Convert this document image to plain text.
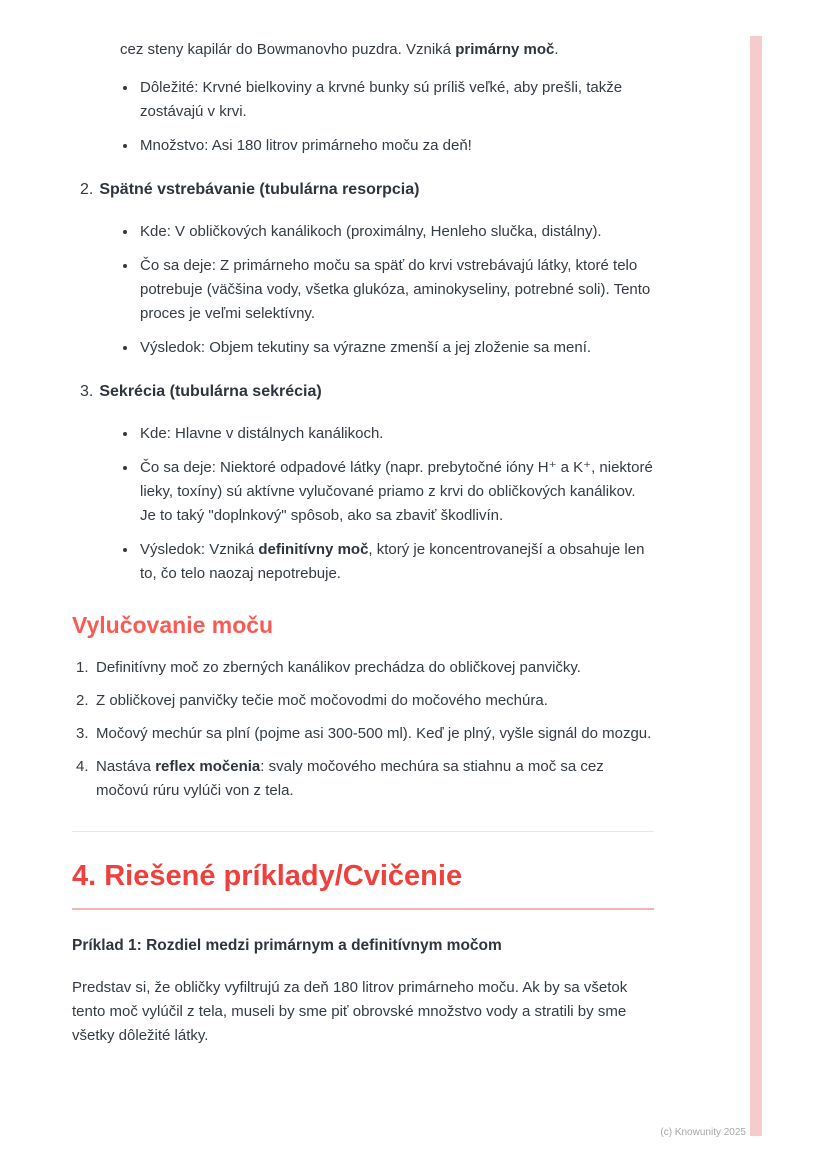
cez steny kapilár do Bowmanovho puzdra. Vzniká primárny moč.
• Dôležité: Krvné bielkoviny a krvné bunky sú príliš veľké, aby prešli, takže zostávajú v krvi.
• Množstvo: Asi 180 litrov primárneho moču za deň!
2. Spätné vstrebávanie (tubulárna resorpcia)
• Kde: V obličkových kanálikoch (proximálny, Henleho slučka, distálny).
• Čo sa deje: Z primárneho moču sa späť do krvi vstrebávajú látky, ktoré telo potrebuje (väčšina vody, všetka glukóza, aminokyseliny, potrebné soli). Tento proces je veľmi selektívny.
• Výsledok: Objem tekutiny sa výrazne zmenší a jej zloženie sa mení.
3. Sekrécia (tubulárna sekrécia)
• Kde: Hlavne v distálnych kanálikoch.
• Čo sa deje: Niektoré odpadové látky (napr. prebytočné ióny H⁺ a K⁺, niektoré lieky, toxíny) sú aktívne vylučované priamo z krvi do obličkových kanálikov. Je to taký "doplnkový" spôsob, ako sa zbaviť škodlivín.
• Výsledok: Vzniká definitívny moč, ktorý je koncentrovanejší a obsahuje len to, čo telo naozaj nepotrebuje.
Vylučovanie moču
1. Definitívny moč zo zberných kanálikov prechádza do obličkovej panvičky.
2. Z obličkovej panvičky tečie moč močovodmi do močového mechúra.
3. Močový mechúr sa plní (pojme asi 300-500 ml). Keď je plný, vyšle signál do mozgu.
4. Nastáva reflex močenia: svaly močového mechúra sa stiahnu a moč sa cez močovú rúru vylúči von z tela.
4. Riešené príklady/Cvičenie
Príklad 1: Rozdiel medzi primárnym a definitívnym močom

Predstav si, že obličky vyfiltrujú za deň 180 litrov primárneho moču. Ak by sa všetok tento moč vylúčil z tela, museli by sme piť obrovské množstvo vody a stratili by sme všetky dôležité látky.

(c) Knowunity 2025
